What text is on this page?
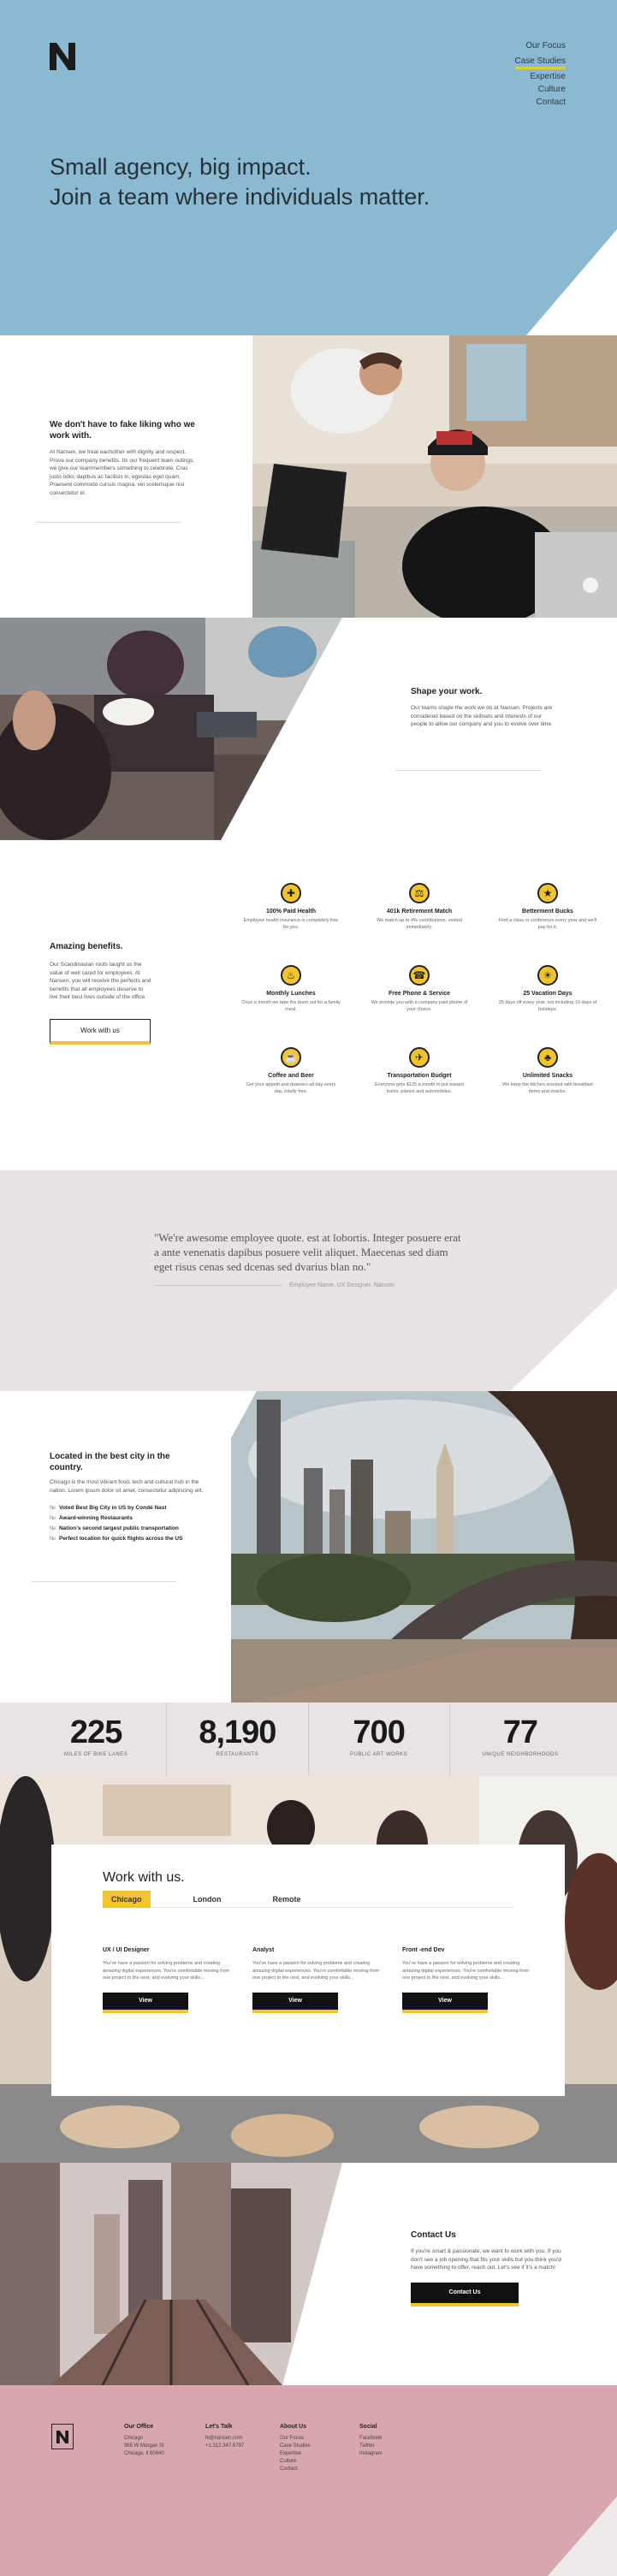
Our Focus
Case Studies
Expertise
Culture
Contact
Small agency, big impact.
Join a team where individuals matter.
We don't have to fake liking who we work with.

At Nansen, we treat eachother with dignity and respect. Prove our company benefits. Its our frequent team outings, we give our teammembers something to celebrate. Cras justo odio, dapibus ac facilisis in, egestas eget quam. Praesent commodo cursus magna, vel scelerisque nisl consectetur et.

Shape your work.

Our teams shape the work we do at Nansen. Projects are considered based on the skillsets and interests of our people to allow our company and you to evolve over time.

Amazing benefits.

Our Scandinavian roots taught us the value of well cared for employees. At Nansen, you will receive the perfects and benefits that all employees deserve to live their best lives outside of the office.

Work with us
✚
100% Paid Health
Employee health insurance is completely free for you.
⚖
401k Retirement Match
We match up to 4% contributions, vested immediately.
★
Betterment Bucks
Find a class or conference every year and we'll pay for it.
♨
Monthly Lunches
Once a month we take the team out for a family meal.
☎
Free Phone & Service
We provide you with a company paid phone of your choice.
☀
25 Vacation Days
25 days off every year, not including 10 days of holidays.
☕
Coffee and Beer
Get your appetit and downers all day every day, totally free.
✈
Transportation Budget
Everyone gets $125 a month to put toward trains, planes and automobiles.
♣
Unlimited Snacks
We keep the kitchen stocked with breakfast items and snacks.

"We're awesome employee quote. est at lobortis. Integer posuere erat a ante venenatis dapibus posuere velit aliquet. Maecenas sed diam eget risus cenas sed dcenas sed dvarius blan no."

Employee Name, UX Designer, Nansen
Located in the best city in the country.

Chicago is the most vibrant food, tech and cultural hub in the nation. Lorem ipsum dolor sit amet, consectetur adipiscing elit.

№ Voted Best Big City in US by Condé Nast
№ Award-winning Restaurants
№ Nation's second largest public transportation
№ Perfect location for quick flights across the US
225
MILES OF BIKE LANES
8,190
RESTAURANTS
700
PUBLIC ART WORKS
77
UNIQUE NEIGHBORHOODS
Work with us.
Chicago	London	Remote
UX / UI Designer
You've have a passion for solving problems and creating amazing digital experiences. You're comfortable moving from one project to the next, and evolving your skills...
View
Analyst
You've have a passion for solving problems and creating amazing digital experiences. You're comfortable moving from one project to the next, and evolving your skills...
View
Front -end Dev
You've have a passion for solving problems and creating amazing digital experiences. You're comfortable moving from one project to the next, and evolving your skills...
View
Contact Us

If you're smart & passionate, we want to work with you. If you don't see a job opening that fits your skills but you think you'd have something to offer, reach out. Let's see if it's a match!

Contact Us
Our Office
Chicago
965 W Morgan St
Chicago, Il 60640
Let's Talk
hi@nansen.com
+1.312.347.6797
About Us
Our Focus
Case Studies
Expertise
Culture
Contact
Social
Facebook
Twitter
Instagram
